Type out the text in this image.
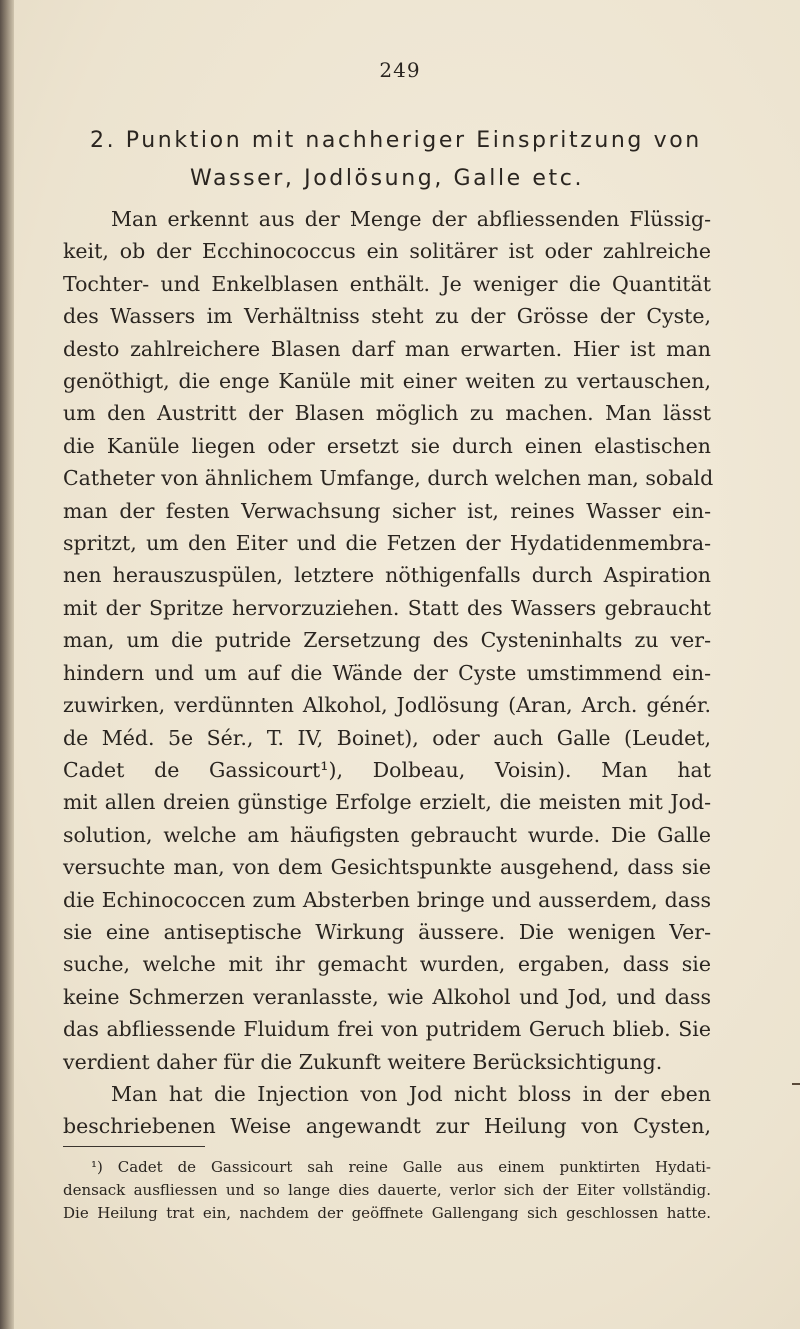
249
2. Punktion mit nachheriger Einspritzung von
Wasser, Jodlösung, Galle etc.
Man erkennt aus der Menge der abfliessenden Flüssig-
keit, ob der Ecchinococcus ein solitärer ist oder zahlreiche
Tochter- und Enkelblasen enthält. Je weniger die Quantität
des Wassers im Verhältniss steht zu der Grösse der Cyste,
desto zahlreichere Blasen darf man erwarten. Hier ist man
genöthigt, die enge Kanüle mit einer weiten zu vertauschen,
um den Austritt der Blasen möglich zu machen. Man lässt
die Kanüle liegen oder ersetzt sie durch einen elastischen
Catheter von ähnlichem Umfange, durch welchen man, sobald
man der festen Verwachsung sicher ist, reines Wasser ein-
spritzt, um den Eiter und die Fetzen der Hydatidenmembra-
nen herauszuspülen, letztere nöthigenfalls durch Aspiration
mit der Spritze hervorzuziehen. Statt des Wassers gebraucht
man, um die putride Zersetzung des Cysteninhalts zu ver-
hindern und um auf die Wände der Cyste umstimmend ein-
zuwirken, verdünnten Alkohol, Jodlösung (Aran, Arch. génér.
de Méd. 5e Sér., T. IV, Boinet), oder auch Galle (Leudet,
Cadet de Gassicourt¹), Dolbeau, Voisin). Man hat
mit allen dreien günstige Erfolge erzielt, die meisten mit Jod-
solution, welche am häufigsten gebraucht wurde. Die Galle
versuchte man, von dem Gesichtspunkte ausgehend, dass sie
die Echinococcen zum Absterben bringe und ausserdem, dass
sie eine antiseptische Wirkung äussere. Die wenigen Ver-
suche, welche mit ihr gemacht wurden, ergaben, dass sie
keine Schmerzen veranlasste, wie Alkohol und Jod, und dass
das abfliessende Fluidum frei von putridem Geruch blieb. Sie
verdient daher für die Zukunft weitere Berücksichtigung.
Man hat die Injection von Jod nicht bloss in der eben
beschriebenen Weise angewandt zur Heilung von Cysten,
¹) Cadet de Gassicourt sah reine Galle aus einem punktirten Hydati-
densack ausfliessen und so lange dies dauerte, verlor sich der Eiter vollständig.
Die Heilung trat ein, nachdem der geöffnete Gallengang sich geschlossen hatte.
